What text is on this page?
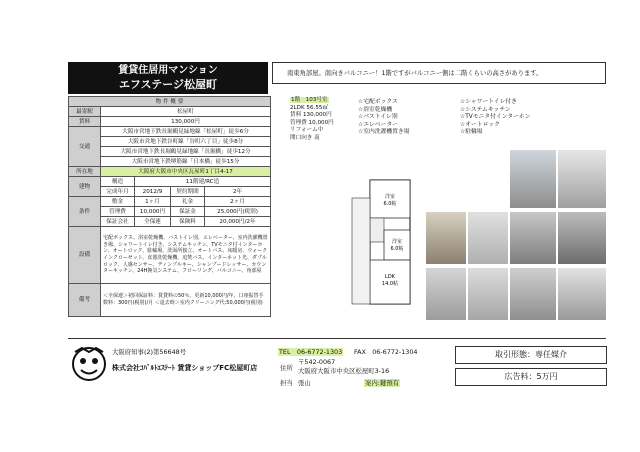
賃貸住居用マンション
エフステージ松屋町
南東角部屋。南向きバルコニー！1階ですがバルコニー側は二階くらいの高さがあります。
物 件 概 要				
最寄駅	松屋町			
賃料	130,000円			
交通	大阪市営地下鉄長堀鶴見緑地線「松屋町」徒歩6分			
	大阪市営地下鉄谷町線「谷町六丁目」徒歩8分			
	大阪市営地下鉄長堀鶴見緑地線「長堀橋」徒歩12分			
	大阪市営地下鉄堺筋線「日本橋」徒歩15分			
所在地	大阪府大阪市中央区瓦屋町1丁目4-17			
建物	構造	11階建/RC造		
	完成年月	2012/9	契約期間	2年
条件	敷金	1ヶ月	礼金	2ヶ月
	管理費	10,000円	保証金	25,000円(税別)
	保証会社	全保連	保険料	20,000円/2年
設備	宅配ボックス、浴室乾燥機、バストイレ別、エレベーター、室内洗濯機置き場、シャワートイレ付き、システムキッチン、TVモニタ付インターホン、オートロック、駐輪場、洗面所独立、オートバス、床暖房、ウォークインクローゼット、食器洗乾燥機、追焚バス、インターネット光、ダブルロック、人感センサー、ディンプルキー、シャンプードレッサー、カウンターキッチン、24H換気システム、フローリング、バルコニー、角部屋			
備考	＜全保連＞初回保証料：賃貸料の50％、更新10,000円/年、口座振替手数料：300円(税別)/月 ＜退去時＞室内クリーニング代:50,000円(税別)			
1階　103号室
2LDK 56.55㎡
賃料 130,000円
管理費 10,000円
リフォーム中
開口向き 南
☆宅配ボックス
☆浴室乾燥機
☆バストイレ別
☆エレベーター
☆室内洗濯機置き場
☆シャワートイレ付き
☆システムキッチン
☆TVモニタ付インターホン
☆オートロック
☆駐輪場
洋室
6.0帖
洋室
6.0帖
LDK
14.0帖
大阪府知事(2)第56648号
株式会社ｺﾊﾞﾙﾄｴｽﾃｰﾄ 賃貸ショップFC松屋町店
TEL　06-6772-1303 FAX　06-6772-1304
住所
〒542-0067
大阪府大阪市中央区松屋町3-16
担当 張山	案内:鍵預有
取引形態：専任媒介
広告料：5万円
